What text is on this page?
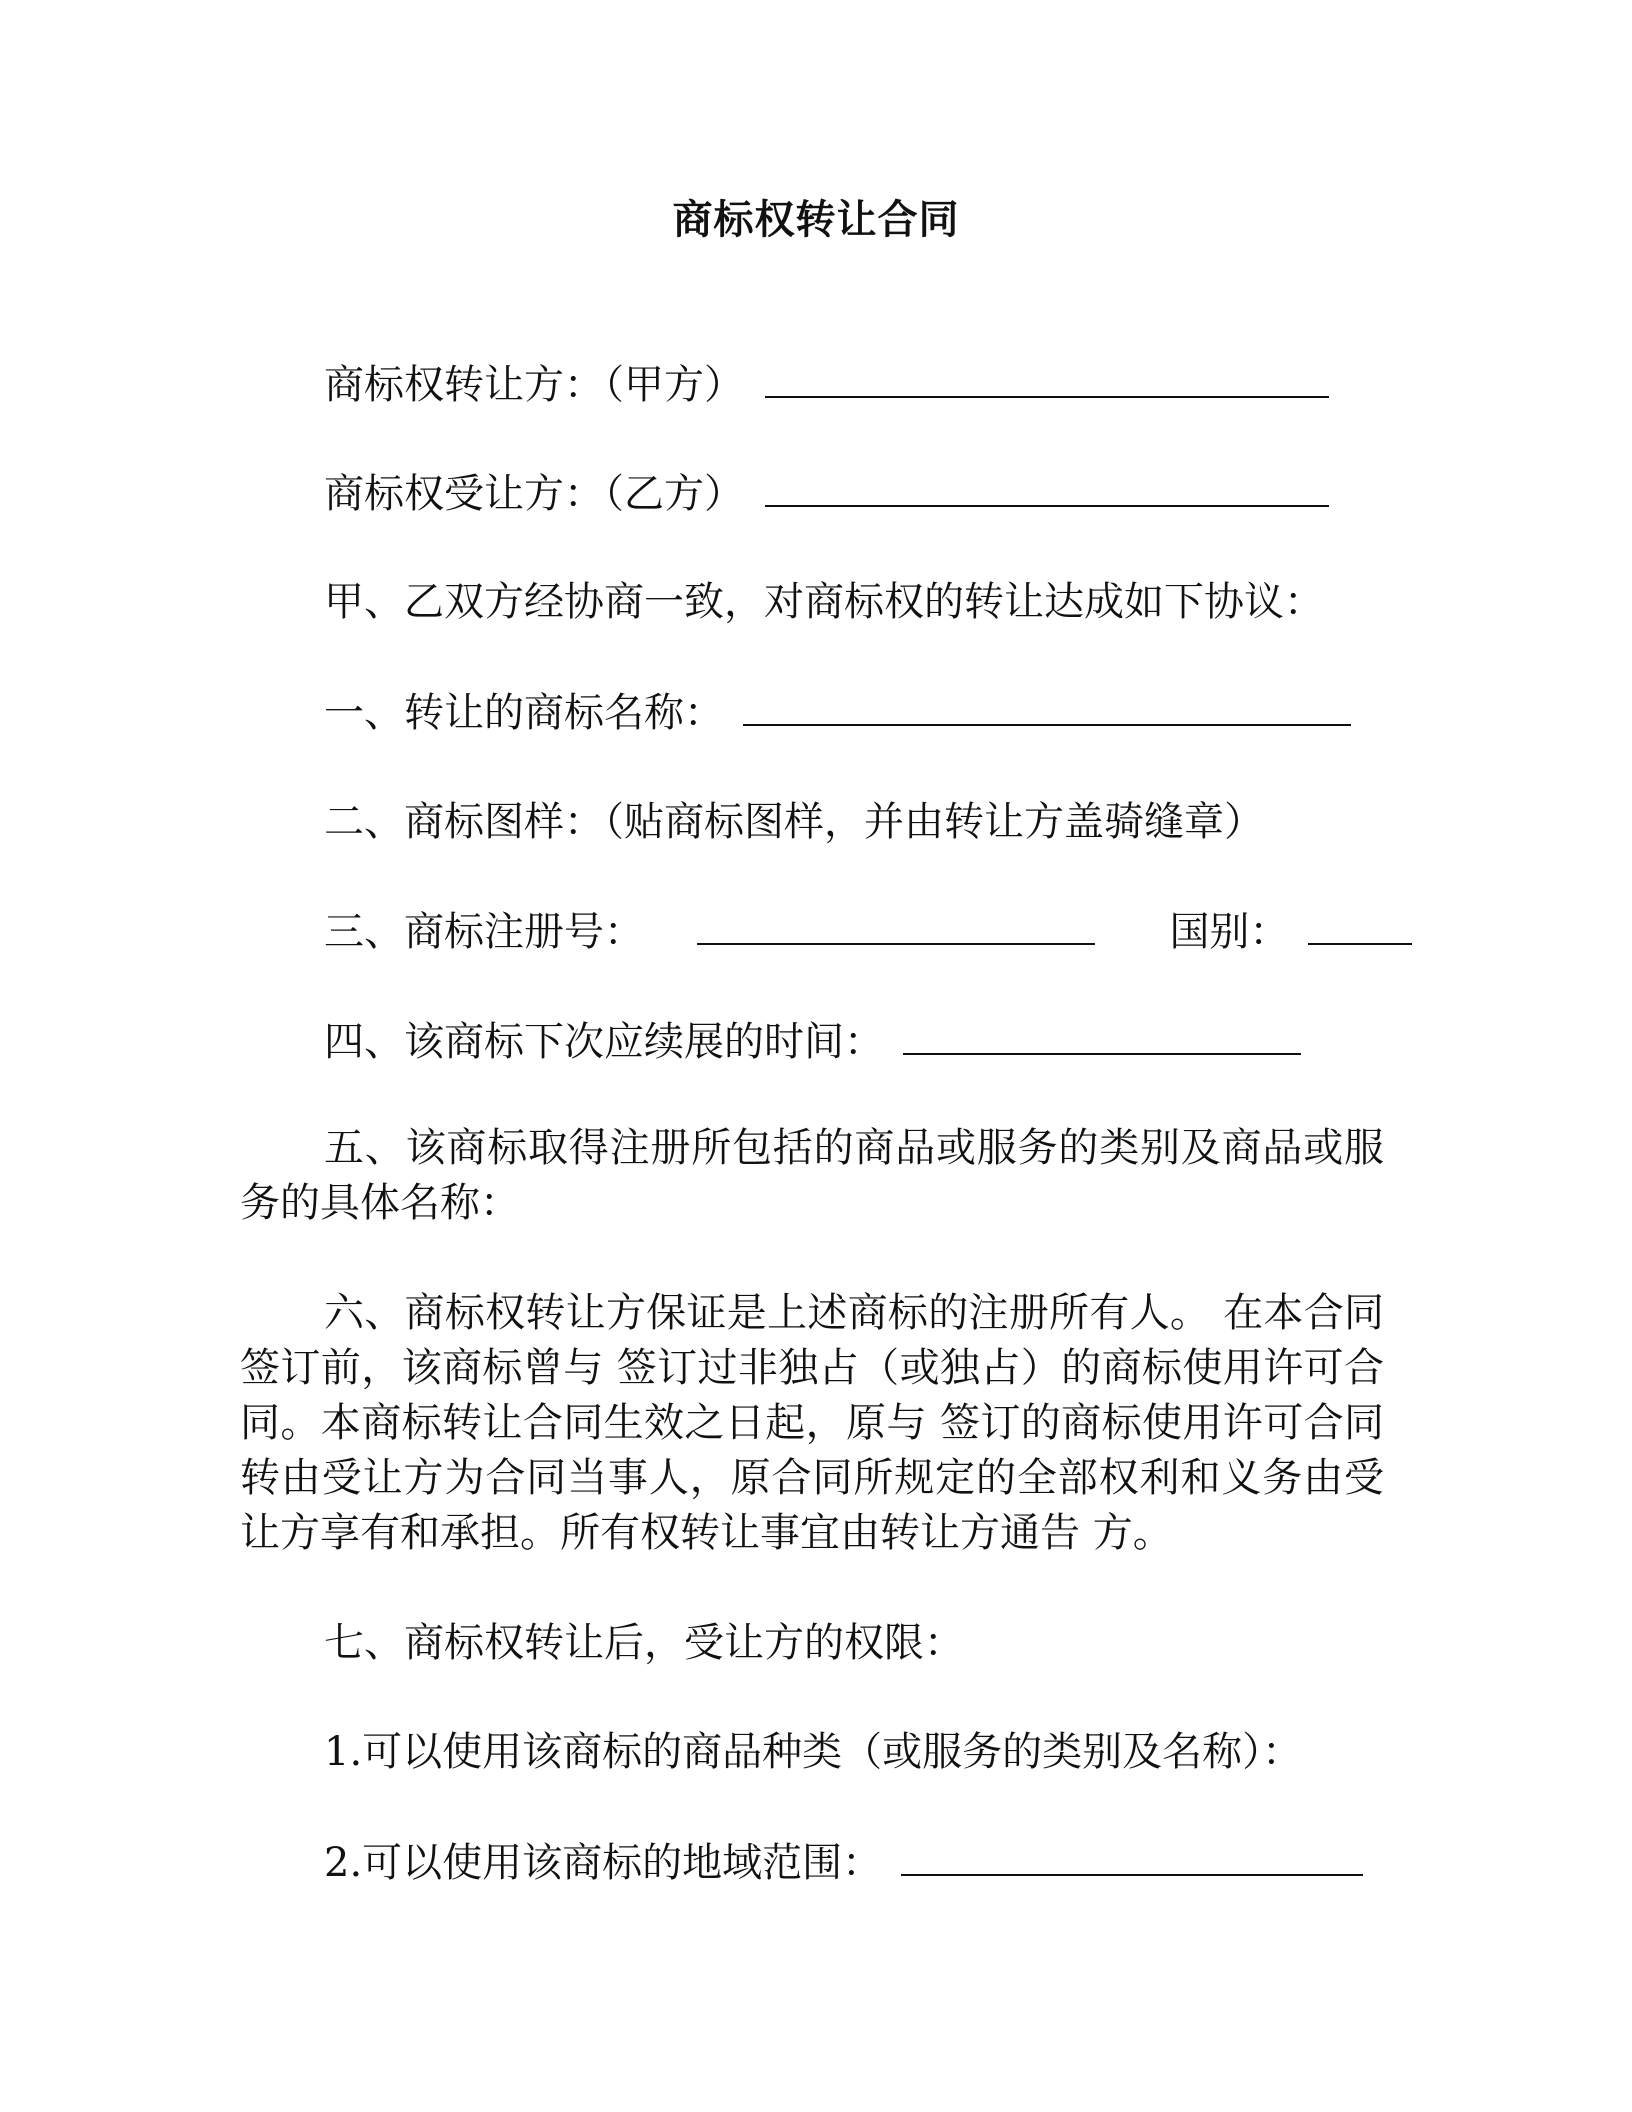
商标权转让合同
商标权转让方：（甲方）
商标权受让方：（乙方）
甲、乙双方经协商一致，对商标权的转让达成如下协议：
一、转让的商标名称：
二、商标图样：（贴商标图样，并由转让方盖骑缝章）
三、商标注册号：	国别：
四、该商标下次应续展的时间：
五、该商标取得注册所包括的商品或服务的类别及商品或服务的具体名称：
六、商标权转让方保证是上述商标的注册所有人。 在本合同签订前，该商标曾与 签订过非独占（或独占）的商标使用许可合同。本商标转让合同生效之日起，原与 签订的商标使用许可合同转由受让方为合同当事人，原合同所规定的全部权利和义务由受让方享有和承担。所有权转让事宜由转让方通告 方。
七、商标权转让后，受让方的权限：
1.可以使用该商标的商品种类（或服务的类别及名称）：
2.可以使用该商标的地域范围：
